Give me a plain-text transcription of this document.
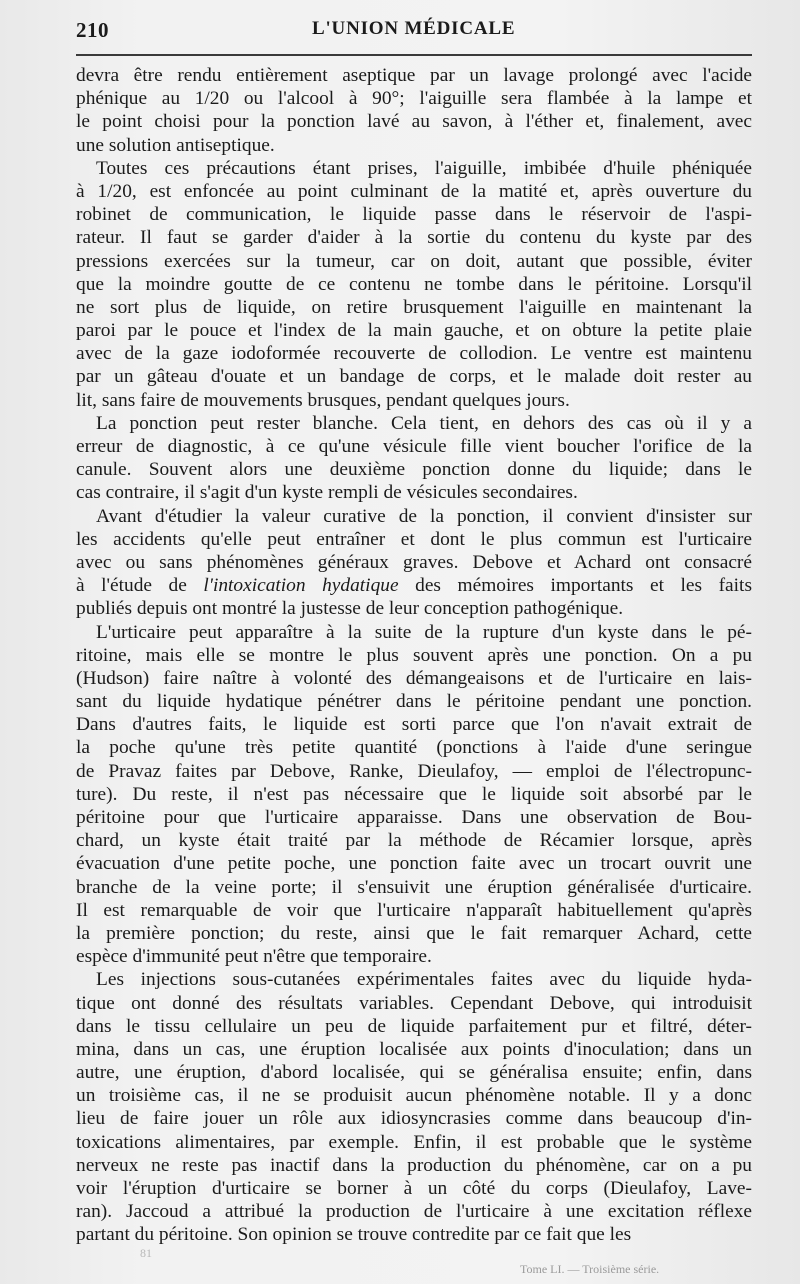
210	L'UNION MÉDICALE
devra être rendu entièrement aseptique par un lavage prolongé avec l'acide
phénique au 1/20 ou l'alcool à 90°; l'aiguille sera flambée à la lampe et
le point choisi pour la ponction lavé au savon, à l'éther et, finalement, avec
une solution antiseptique.
Toutes ces précautions étant prises, l'aiguille, imbibée d'huile phéniquée
à 1/20, est enfoncée au point culminant de la matité et, après ouverture du
robinet de communication, le liquide passe dans le réservoir de l'aspi-
rateur. Il faut se garder d'aider à la sortie du contenu du kyste par des
pressions exercées sur la tumeur, car on doit, autant que possible, éviter
que la moindre goutte de ce contenu ne tombe dans le péritoine. Lorsqu'il
ne sort plus de liquide, on retire brusquement l'aiguille en maintenant la
paroi par le pouce et l'index de la main gauche, et on obture la petite plaie
avec de la gaze iodoformée recouverte de collodion. Le ventre est maintenu
par un gâteau d'ouate et un bandage de corps, et le malade doit rester au
lit, sans faire de mouvements brusques, pendant quelques jours.
La ponction peut rester blanche. Cela tient, en dehors des cas où il y a
erreur de diagnostic, à ce qu'une vésicule fille vient boucher l'orifice de la
canule. Souvent alors une deuxième ponction donne du liquide; dans le
cas contraire, il s'agit d'un kyste rempli de vésicules secondaires.
Avant d'étudier la valeur curative de la ponction, il convient d'insister sur
les accidents qu'elle peut entraîner et dont le plus commun est l'urticaire
avec ou sans phénomènes généraux graves. Debove et Achard ont consacré
à l'étude de l'intoxication hydatique des mémoires importants et les faits
publiés depuis ont montré la justesse de leur conception pathogénique.
L'urticaire peut apparaître à la suite de la rupture d'un kyste dans le pé-
ritoine, mais elle se montre le plus souvent après une ponction. On a pu
(Hudson) faire naître à volonté des démangeaisons et de l'urticaire en lais-
sant du liquide hydatique pénétrer dans le péritoine pendant une ponction.
Dans d'autres faits, le liquide est sorti parce que l'on n'avait extrait de
la poche qu'une très petite quantité (ponctions à l'aide d'une seringue
de Pravaz faites par Debove, Ranke, Dieulafoy, — emploi de l'électropunc-
ture). Du reste, il n'est pas nécessaire que le liquide soit absorbé par le
péritoine pour que l'urticaire apparaisse. Dans une observation de Bou-
chard, un kyste était traité par la méthode de Récamier lorsque, après
évacuation d'une petite poche, une ponction faite avec un trocart ouvrit une
branche de la veine porte; il s'ensuivit une éruption généralisée d'urticaire.
Il est remarquable de voir que l'urticaire n'apparaît habituellement qu'après
la première ponction; du reste, ainsi que le fait remarquer Achard, cette
espèce d'immunité peut n'être que temporaire.
Les injections sous-cutanées expérimentales faites avec du liquide hyda-
tique ont donné des résultats variables. Cependant Debove, qui introduisit
dans le tissu cellulaire un peu de liquide parfaitement pur et filtré, déter-
mina, dans un cas, une éruption localisée aux points d'inoculation; dans un
autre, une éruption, d'abord localisée, qui se généralisa ensuite; enfin, dans
un troisième cas, il ne se produisit aucun phénomène notable. Il y a donc
lieu de faire jouer un rôle aux idiosyncrasies comme dans beaucoup d'in-
toxications alimentaires, par exemple. Enfin, il est probable que le système
nerveux ne reste pas inactif dans la production du phénomène, car on a pu
voir l'éruption d'urticaire se borner à un côté du corps (Dieulafoy, Lave-
ran). Jaccoud a attribué la production de l'urticaire à une excitation réflexe
partant du péritoine. Son opinion se trouve contredite par ce fait que les
81
Tome LI. — Troisième série.
